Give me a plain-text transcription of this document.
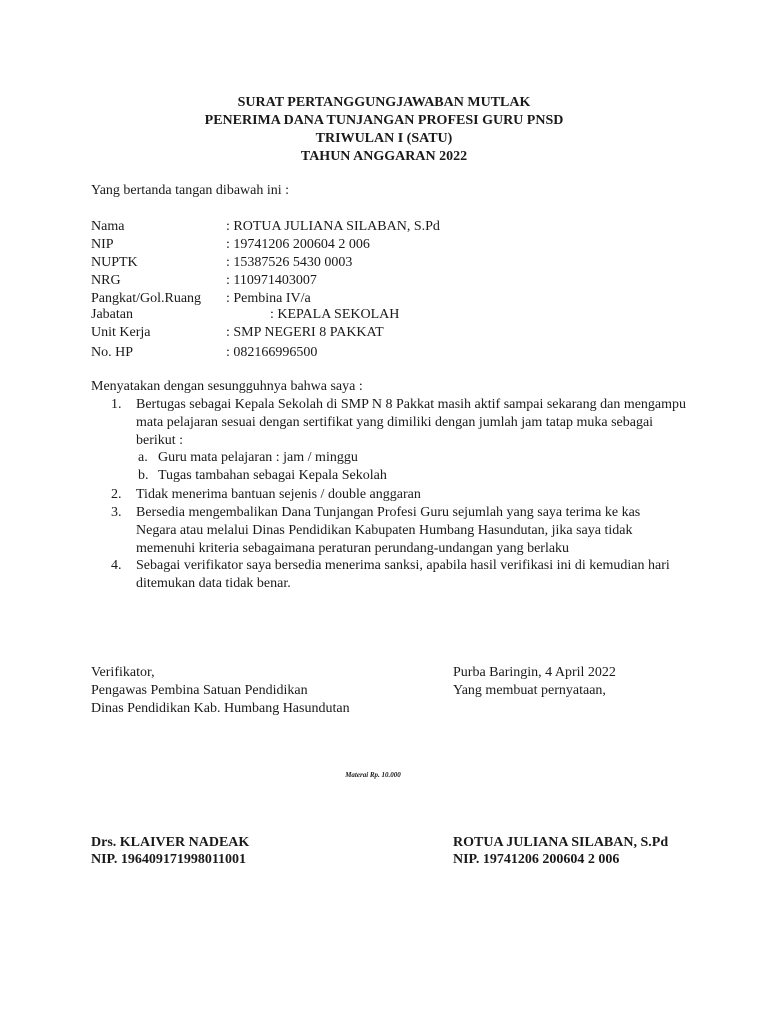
SURAT PERTANGGUNGJAWABAN MUTLAK
PENERIMA DANA TUNJANGAN PROFESI GURU PNSD
TRIWULAN I (SATU)
TAHUN ANGGARAN 2022
Yang bertanda tangan dibawah ini :
Nama	: ROTUA JULIANA SILABAN, S.Pd
NIP	: 19741206 200604 2 006
NUPTK	: 15387526 5430 0003
NRG	: 110971403007
Pangkat/Gol.Ruang : Pembina IV/a
Jabatan	: KEPALA SEKOLAH
Unit Kerja	: SMP NEGERI 8 PAKKAT
No. HP	: 082166996500
Menyatakan dengan sesungguhnya bahwa saya :
1. Bertugas sebagai Kepala Sekolah di SMP N 8 Pakkat masih aktif sampai sekarang dan mengampu mata pelajaran sesuai dengan sertifikat yang dimiliki dengan jumlah jam tatap muka sebagai berikut :
a. Guru mata pelajaran : jam / minggu
b. Tugas tambahan sebagai Kepala Sekolah
2. Tidak menerima bantuan sejenis / double anggaran
3. Bersedia mengembalikan Dana Tunjangan Profesi Guru sejumlah yang saya terima ke kas Negara atau melalui Dinas Pendidikan Kabupaten Humbang Hasundutan, jika saya tidak memenuhi kriteria sebagaimana peraturan perundang-undangan yang berlaku
4. Sebagai verifikator saya bersedia menerima sanksi, apabila hasil verifikasi ini di kemudian hari ditemukan data tidak benar.
Verifikator,
Pengawas Pembina Satuan Pendidikan
Dinas Pendidikan Kab. Humbang Hasundutan
Purba Baringin, 4 April 2022
Yang membuat pernyataan,
Materai Rp. 10.000
Drs. KLAIVER NADEAK
NIP. 196409171998011001
ROTUA JULIANA SILABAN, S.Pd
NIP. 19741206 200604 2 006
